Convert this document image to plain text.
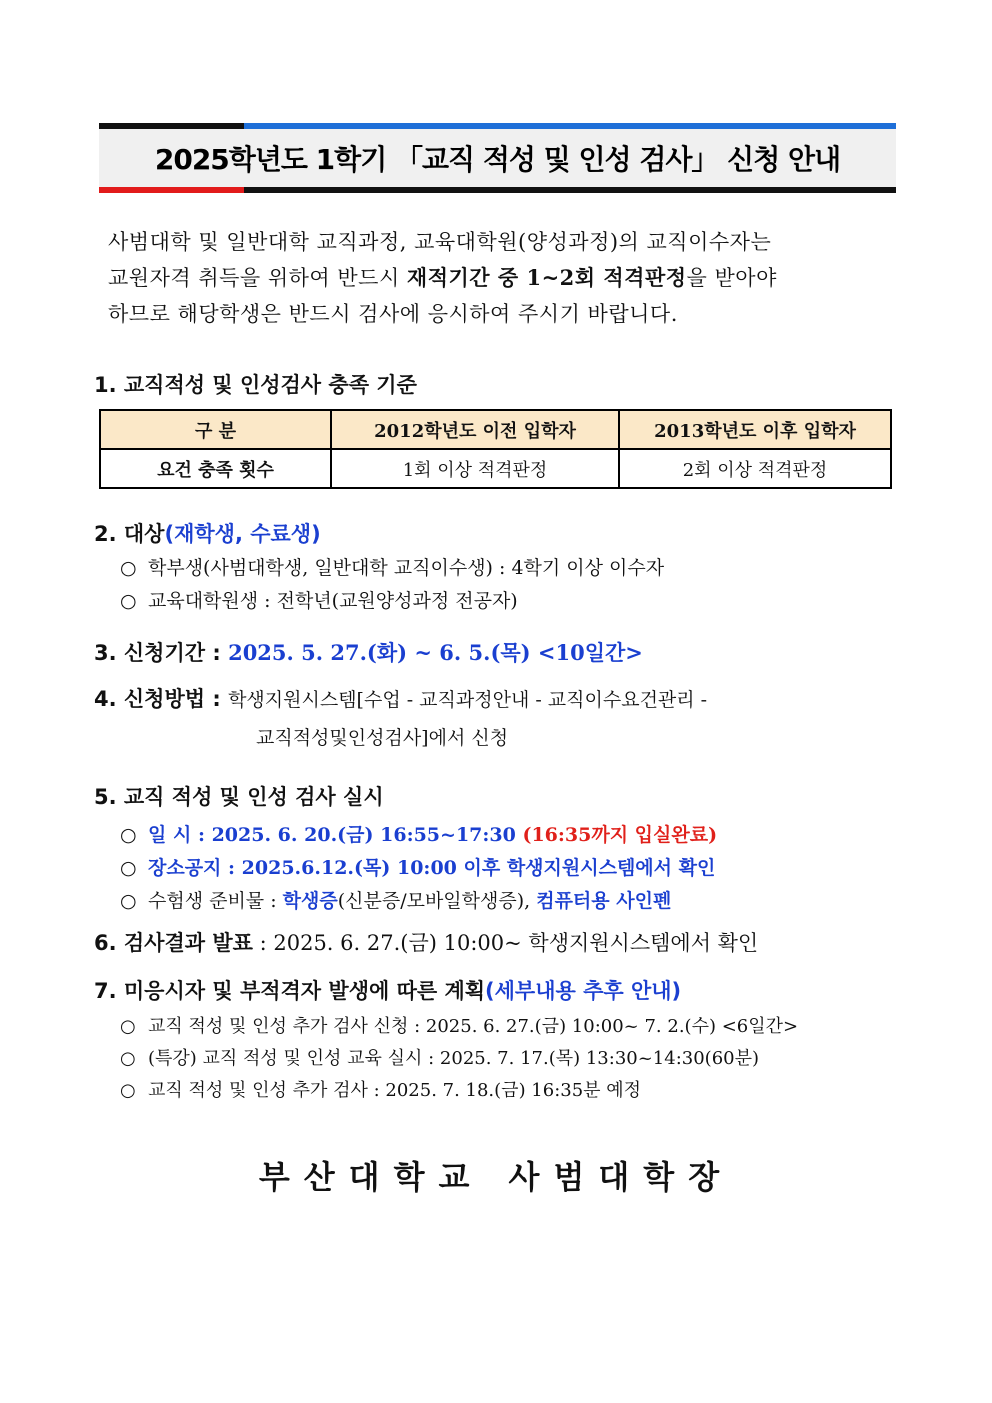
2025학년도 1학기 「교직 적성 및 인성 검사」 신청 안내
사범대학 및 일반대학 교직과정, 교육대학원(양성과정)의 교직이수자는
교원자격 취득을 위하여 반드시 재적기간 중 1~2회 적격판정을 받아야
하므로 해당학생은 반드시 검사에 응시하여 주시기 바랍니다.
1. 교직적성 및 인성검사 충족 기준
구 분	2012학년도 이전 입학자	2013학년도 이후 입학자
요건 충족 횟수	1회 이상 적격판정	2회 이상 적격판정
2. 대상(재학생, 수료생)
○ 학부생(사범대학생, 일반대학 교직이수생) : 4학기 이상 이수자
○ 교육대학원생 : 전학년(교원양성과정 전공자)
3. 신청기간 : 2025. 5. 27.(화) ~ 6. 5.(목) <10일간>
4. 신청방법 : 학생지원시스템[수업 - 교직과정안내 - 교직이수요건관리 -
교직적성및인성검사]에서 신청
5. 교직 적성 및 인성 검사 실시
○ 일 시 : 2025. 6. 20.(금) 16:55~17:30 (16:35까지 입실완료)
○ 장소공지 : 2025.6.12.(목) 10:00 이후 학생지원시스템에서 확인
○ 수험생 준비물 : 학생증(신분증/모바일학생증), 컴퓨터용 사인펜
6. 검사결과 발표 : 2025. 6. 27.(금) 10:00~ 학생지원시스템에서 확인
7. 미응시자 및 부적격자 발생에 따른 계획(세부내용 추후 안내)
○ 교직 적성 및 인성 추가 검사 신청 : 2025. 6. 27.(금) 10:00~ 7. 2.(수) <6일간>
○ (특강) 교직 적성 및 인성 교육 실시 : 2025. 7. 17.(목) 13:30~14:30(60분)
○ 교직 적성 및 인성 추가 검사 : 2025. 7. 18.(금) 16:35분 예정
부산대학교 사범대학장
